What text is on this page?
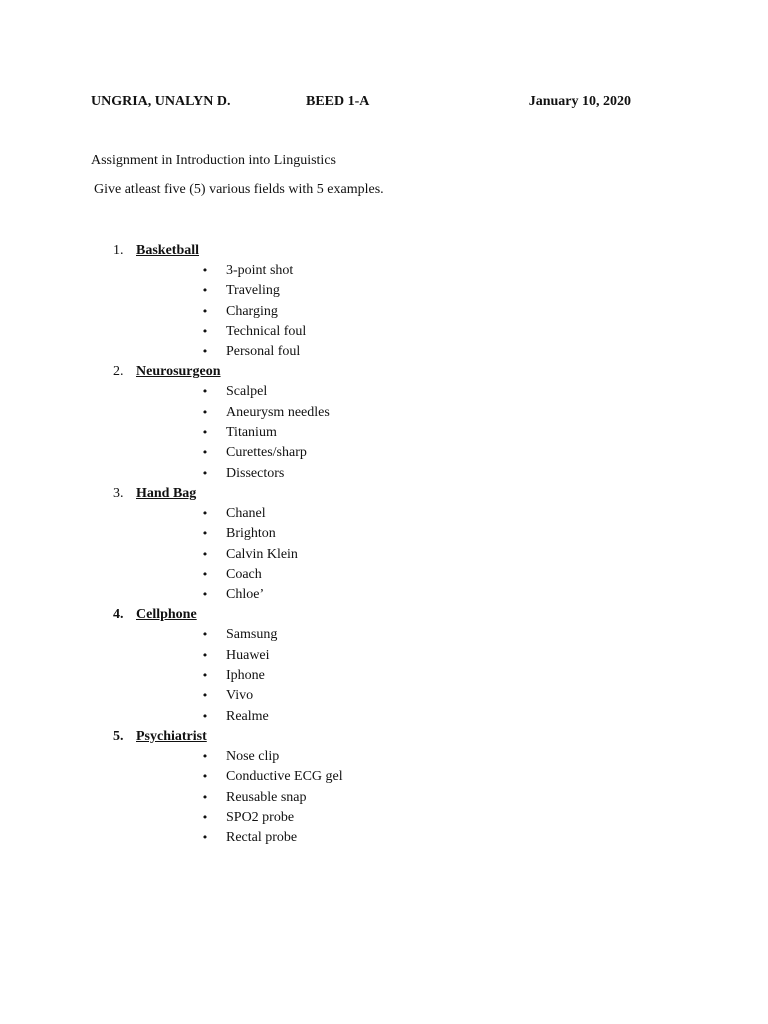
UNGRIA, UNALYN D.	BEED 1-A	January 10, 2020
Assignment in Introduction into Linguistics
Give atleast five (5) various fields with 5 examples.
1. Basketball
• 3-point shot
• Traveling
• Charging
• Technical foul
• Personal foul
2. Neurosurgeon
• Scalpel
• Aneurysm needles
• Titanium
• Curettes/sharp
• Dissectors
3. Hand Bag
• Chanel
• Brighton
• Calvin Klein
• Coach
• Chloe’
4. Cellphone
• Samsung
• Huawei
• Iphone
• Vivo
• Realme
5. Psychiatrist
• Nose clip
• Conductive ECG gel
• Reusable snap
• SPO2 probe
• Rectal probe
